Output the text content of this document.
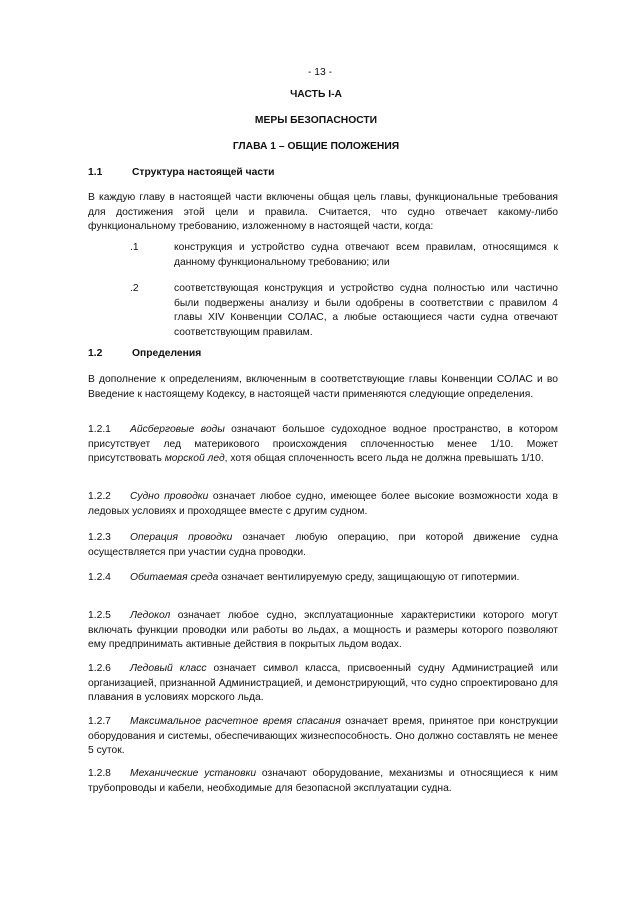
- 13 -
ЧАСТЬ I-A
МЕРЫ БЕЗОПАСНОСТИ
ГЛАВА 1 – ОБЩИЕ ПОЛОЖЕНИЯ
1.1	Структура настоящей части

В каждую главу в настоящей части включены общая цель главы, функциональные требования для достижения этой цели и правила. Считается, что судно отвечает какому-либо функциональному требованию, изложенному в настоящей части, когда:

.1	конструкция и устройство судна отвечают всем правилам, относящимся к данному функциональному требованию; или
.2	соответствующая конструкция и устройство судна полностью или частично были подвержены анализу и были одобрены в соответствии с правилом 4 главы XIV Конвенции СОЛАС, а любые остающиеся части судна отвечают соответствующим правилам.
1.2	Определения

В дополнение к определениям, включенным в соответствующие главы Конвенции СОЛАС и во Введение к настоящему Кодексу, в настоящей части применяются следующие определения.

1.2.1 Айсберговые воды означают большое судоходное водное пространство, в котором присутствует лед материкового происхождения сплоченностью менее 1/10. Может присутствовать морской лед, хотя общая сплоченность всего льда не должна превышать 1/10.

1.2.2 Судно проводки означает любое судно, имеющее более высокие возможности хода в ледовых условиях и проходящее вместе с другим судном.

1.2.3 Операция проводки означает любую операцию, при которой движение судна осуществляется при участии судна проводки.

1.2.4 Обитаемая среда означает вентилируемую среду, защищающую от гипотермии.

1.2.5 Ледокол означает любое судно, эксплуатационные характеристики которого могут включать функции проводки или работы во льдах, а мощность и размеры которого позволяют ему предпринимать активные действия в покрытых льдом водах.

1.2.6 Ледовый класс означает символ класса, присвоенный судну Администрацией или организацией, признанной Администрацией, и демонстрирующий, что судно спроектировано для плавания в условиях морского льда.

1.2.7 Максимальное расчетное время спасания означает время, принятое при конструкции оборудования и системы, обеспечивающих жизнеспособность. Оно должно составлять не менее 5 суток.

1.2.8 Механические установки означают оборудование, механизмы и относящиеся к ним трубопроводы и кабели, необходимые для безопасной эксплуатации судна.
